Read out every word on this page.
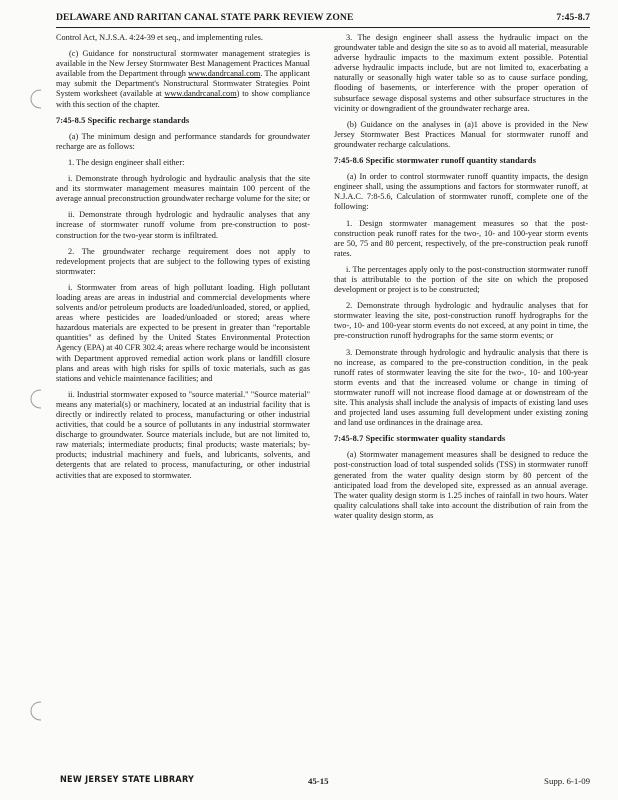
DELAWARE AND RARITAN CANAL STATE PARK REVIEW ZONE	7:45-8.7

Control Act, N.J.S.A. 4:24-39 et seq., and implementing rules.

(c) Guidance for nonstructural stormwater management strategies is available in the New Jersey Stormwater Best Management Practices Manual available from the Department through www.dandrcanal.com. The applicant may submit the Department's Nonstructural Stormwater Strategies Point System worksheet (available at www.dandrcanal.com) to show compliance with this section of the chapter.

7:45-8.5 Specific recharge standards

(a) The minimum design and performance standards for groundwater recharge are as follows:

1. The design engineer shall either:

i. Demonstrate through hydrologic and hydraulic analysis that the site and its stormwater management measures maintain 100 percent of the average annual preconstruction groundwater recharge volume for the site; or

ii. Demonstrate through hydrologic and hydraulic analyses that any increase of stormwater runoff volume from pre-construction to post-construction for the two-year storm is infiltrated.

2. The groundwater recharge requirement does not apply to redevelopment projects that are subject to the following types of existing stormwater:

i. Stormwater from areas of high pollutant loading. High pollutant loading areas are areas in industrial and commercial developments where solvents and/or petroleum products are loaded/unloaded, stored, or applied, areas where pesticides are loaded/unloaded or stored; areas where hazardous materials are expected to be present in greater than "reportable quantities" as defined by the United States Environmental Protection Agency (EPA) at 40 CFR 302.4; areas where recharge would be inconsistent with Department approved remedial action work plans or landfill closure plans and areas with high risks for spills of toxic materials, such as gas stations and vehicle maintenance facilities; and

ii. Industrial stormwater exposed to "source material." "Source material" means any material(s) or machinery, located at an industrial facility that is directly or indirectly related to process, manufacturing or other industrial activities, that could be a source of pollutants in any industrial stormwater discharge to groundwater. Source materials include, but are not limited to, raw materials; intermediate products; final products; waste materials; by-products; industrial machinery and fuels, and lubricants, solvents, and detergents that are related to process, manufacturing, or other industrial activities that are exposed to stormwater.

3. The design engineer shall assess the hydraulic impact on the groundwater table and design the site so as to avoid all material, measurable adverse hydraulic impacts to the maximum extent possible. Potential adverse hydraulic impacts include, but are not limited to, exacerbating a naturally or seasonally high water table so as to cause surface ponding, flooding of basements, or interference with the proper operation of subsurface sewage disposal systems and other subsurface structures in the vicinity or downgradient of the groundwater recharge area.

(b) Guidance on the analyses in (a)1 above is provided in the New Jersey Stormwater Best Practices Manual for stormwater runoff and groundwater recharge calculations.

7:45-8.6 Specific stormwater runoff quantity standards

(a) In order to control stormwater runoff quantity impacts, the design engineer shall, using the assumptions and factors for stormwater runoff, at N.J.A.C. 7:8-5.6, Calculation of stormwater runoff, complete one of the following:

1. Design stormwater management measures so that the post-construction peak runoff rates for the two-, 10- and 100-year storm events are 50, 75 and 80 percent, respectively, of the pre-construction peak runoff rates.

i. The percentages apply only to the post-construction stormwater runoff that is attributable to the portion of the site on which the proposed development or project is to be constructed;

2. Demonstrate through hydrologic and hydraulic analyses that for stormwater leaving the site, post-construction runoff hydrographs for the two-, 10- and 100-year storm events do not exceed, at any point in time, the pre-construction runoff hydrographs for the same storm events; or

3. Demonstrate through hydrologic and hydraulic analysis that there is no increase, as compared to the pre-construction condition, in the peak runoff rates of stormwater leaving the site for the two-, 10- and 100-year storm events and that the increased volume or change in timing of stormwater runoff will not increase flood damage at or downstream of the site. This analysis shall include the analysis of impacts of existing land uses and projected land uses assuming full development under existing zoning and land use ordinances in the drainage area.

7:45-8.7 Specific stormwater quality standards

(a) Stormwater management measures shall be designed to reduce the post-construction load of total suspended solids (TSS) in stormwater runoff generated from the water quality design storm by 80 percent of the anticipated load from the developed site, expressed as an annual average. The water quality design storm is 1.25 inches of rainfall in two hours. Water quality calculations shall take into account the distribution of rain from the water quality design storm, as

NEW JERSEY STATE LIBRARY	45-15	Supp. 6-1-09
